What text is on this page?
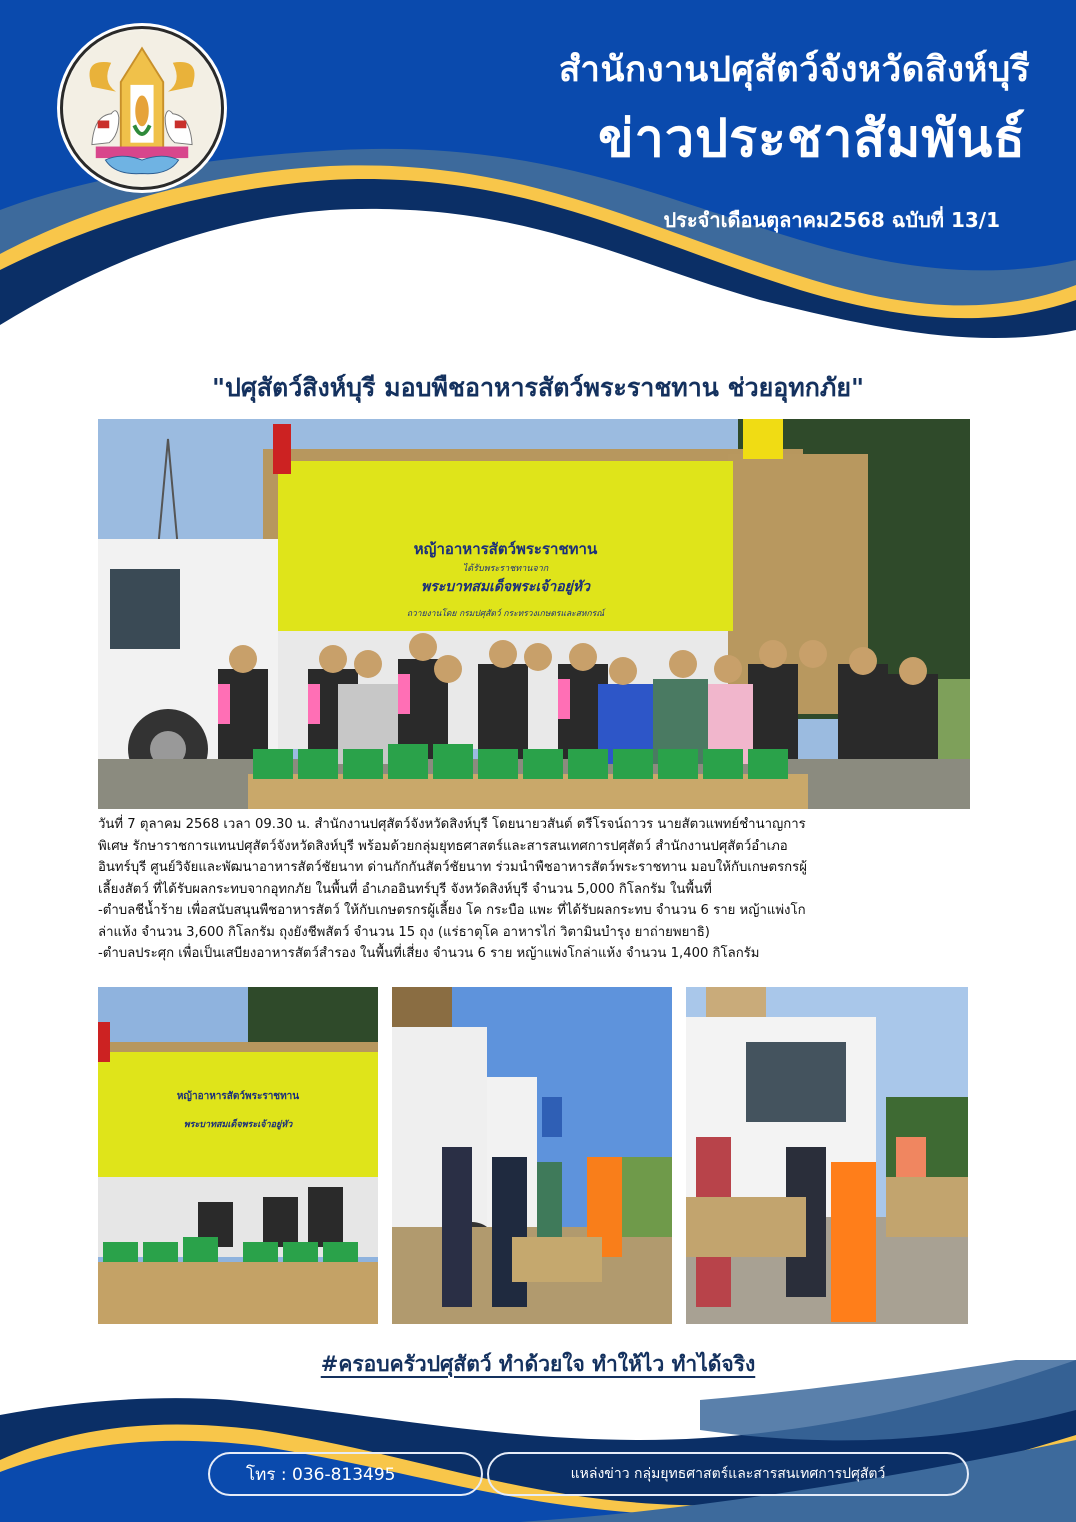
สำนักงานปศุสัตว์จังหวัดสิงห์บุรี
ข่าวประชาสัมพันธ์
ประจำเดือนตุลาคม2568 ฉบับที่ 13/1
"ปศุสัตว์สิงห์บุรี มอบพืชอาหารสัตว์พระราชทาน ช่วยอุทกภัย"
หญ้าอาหารสัตว์พระราชทาน
ได้รับพระราชทานจาก
พระบาทสมเด็จพระเจ้าอยู่หัว
ถวายงานโดย กรมปศุสัตว์ กระทรวงเกษตรและสหกรณ์

วันที่ 7 ตุลาคม 2568 เวลา 09.30 น. สำนักงานปศุสัตว์จังหวัดสิงห์บุรี โดยนายวสันต์ ตรีโรจน์ถาวร นายสัตวแพทย์ชำนาญการ

พิเศษ รักษาราชการแทนปศุสัตว์จังหวัดสิงห์บุรี พร้อมด้วยกลุ่มยุทธศาสตร์และสารสนเทศการปศุสัตว์ สำนักงานปศุสัตว์อำเภอ

อินทร์บุรี ศูนย์วิจัยและพัฒนาอาหารสัตว์ชัยนาท ด่านกักกันสัตว์ชัยนาท ร่วมนำพืชอาหารสัตว์พระราชทาน มอบให้กับเกษตรกรผู้

เลี้ยงสัตว์ ที่ได้รับผลกระทบจากอุทกภัย ในพื้นที่ อำเภออินทร์บุรี จังหวัดสิงห์บุรี จำนวน 5,000 กิโลกรัม ในพื้นที่

-ตำบลชีน้ำร้าย เพื่อสนับสนุนพืชอาหารสัตว์ ให้กับเกษตรกรผู้เลี้ยง โค กระบือ แพะ ที่ได้รับผลกระทบ จำนวน 6 ราย หญ้าแพ่งโก

ล่าแห้ง จำนวน 3,600 กิโลกรัม ถุงยังชีพสัตว์ จำนวน 15 ถุง (แร่ธาตุโค อาหารไก่ วิตามินบำรุง ยาถ่ายพยาธิ)

-ตำบลประศุก เพื่อเป็นเสบียงอาหารสัตว์สำรอง ในพื้นที่เสี่ยง จำนวน 6 ราย หญ้าแพ่งโกล่าแห้ง จำนวน 1,400 กิโลกรัม

หญ้าอาหารสัตว์พระราชทาน
พระบาทสมเด็จพระเจ้าอยู่หัว
#ครอบครัวปศุสัตว์ ทำด้วยใจ ทำให้ไว ทำได้จริง
โทร : 036-813495	แหล่งข่าว กลุ่มยุทธศาสตร์และสารสนเทศการปศุสัตว์
